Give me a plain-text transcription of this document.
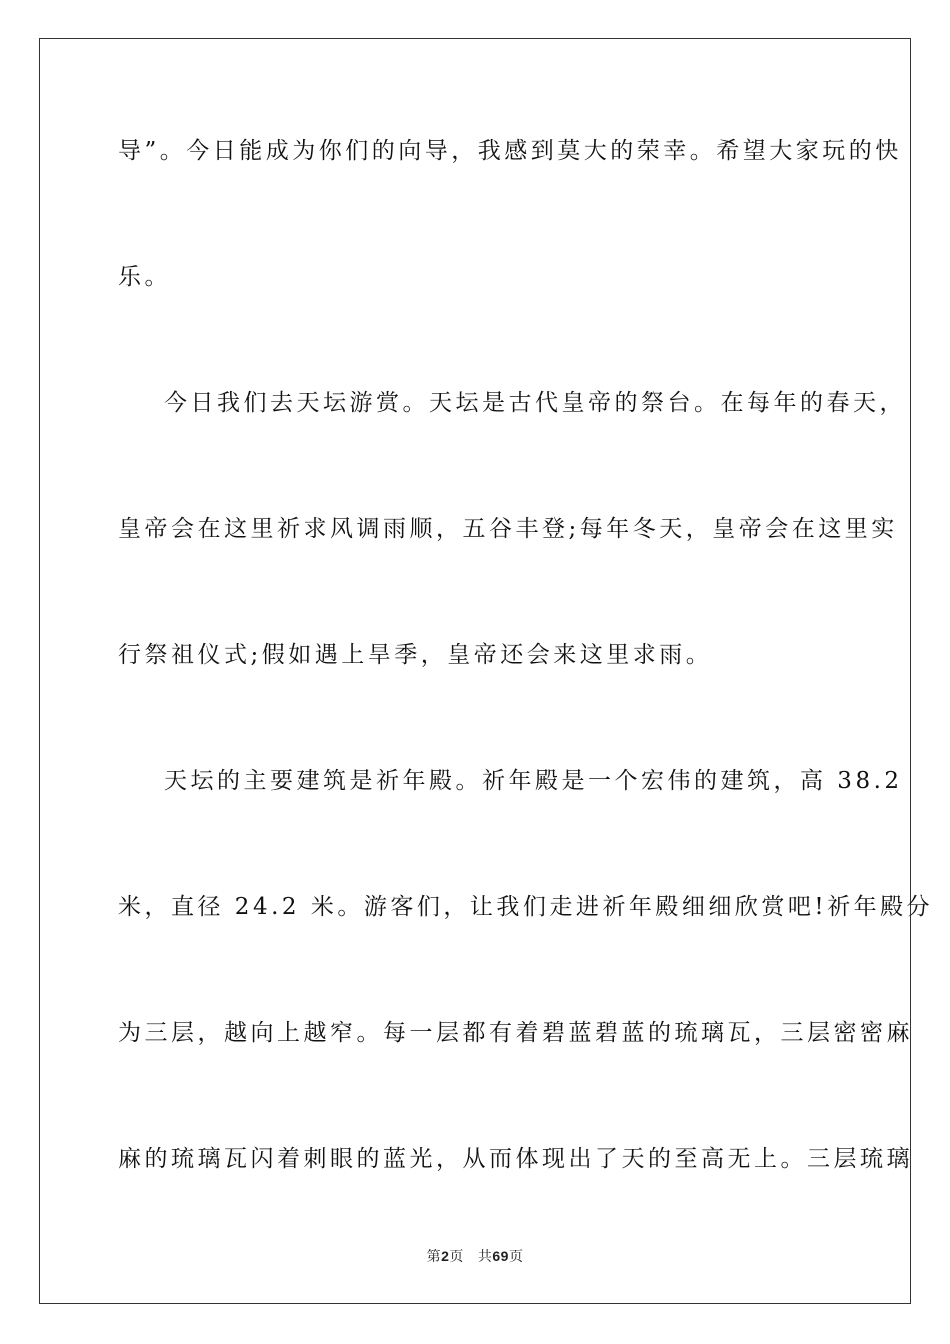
导”。今日能成为你们的向导，我感到莫大的荣幸。希望大家玩的快
乐。
今日我们去天坛游赏。天坛是古代皇帝的祭台。在每年的春天，
皇帝会在这里祈求风调雨顺，五谷丰登;每年冬天，皇帝会在这里实
行祭祖仪式;假如遇上旱季，皇帝还会来这里求雨。
天坛的主要建筑是祈年殿。祈年殿是一个宏伟的建筑，高 38.2
米，直径 24.2 米。游客们，让我们走进祈年殿细细欣赏吧!祈年殿分
为三层，越向上越窄。每一层都有着碧蓝碧蓝的琉璃瓦，三层密密麻
麻的琉璃瓦闪着刺眼的蓝光，从而体现出了天的至高无上。三层琉璃
第2页 共69页
